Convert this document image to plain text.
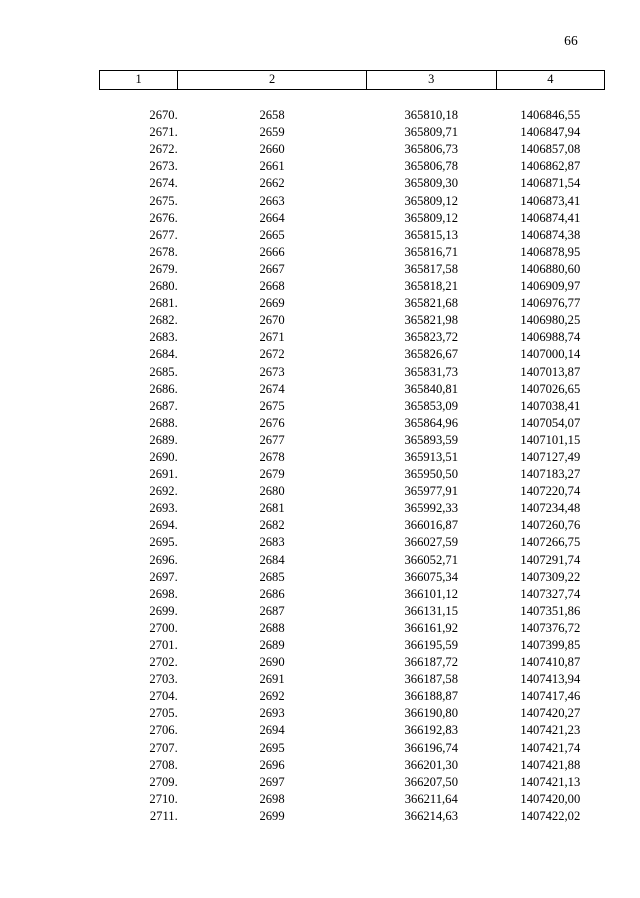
66
1	2	3	4

2670.	2658	365810,18	1406846,55
2671.	2659	365809,71	1406847,94
2672.	2660	365806,73	1406857,08
2673.	2661	365806,78	1406862,87
2674.	2662	365809,30	1406871,54
2675.	2663	365809,12	1406873,41
2676.	2664	365809,12	1406874,41
2677.	2665	365815,13	1406874,38
2678.	2666	365816,71	1406878,95
2679.	2667	365817,58	1406880,60
2680.	2668	365818,21	1406909,97
2681.	2669	365821,68	1406976,77
2682.	2670	365821,98	1406980,25
2683.	2671	365823,72	1406988,74
2684.	2672	365826,67	1407000,14
2685.	2673	365831,73	1407013,87
2686.	2674	365840,81	1407026,65
2687.	2675	365853,09	1407038,41
2688.	2676	365864,96	1407054,07
2689.	2677	365893,59	1407101,15
2690.	2678	365913,51	1407127,49
2691.	2679	365950,50	1407183,27
2692.	2680	365977,91	1407220,74
2693.	2681	365992,33	1407234,48
2694.	2682	366016,87	1407260,76
2695.	2683	366027,59	1407266,75
2696.	2684	366052,71	1407291,74
2697.	2685	366075,34	1407309,22
2698.	2686	366101,12	1407327,74
2699.	2687	366131,15	1407351,86
2700.	2688	366161,92	1407376,72
2701.	2689	366195,59	1407399,85
2702.	2690	366187,72	1407410,87
2703.	2691	366187,58	1407413,94
2704.	2692	366188,87	1407417,46
2705.	2693	366190,80	1407420,27
2706.	2694	366192,83	1407421,23
2707.	2695	366196,74	1407421,74
2708.	2696	366201,30	1407421,88
2709.	2697	366207,50	1407421,13
2710.	2698	366211,64	1407420,00
2711.	2699	366214,63	1407422,02
